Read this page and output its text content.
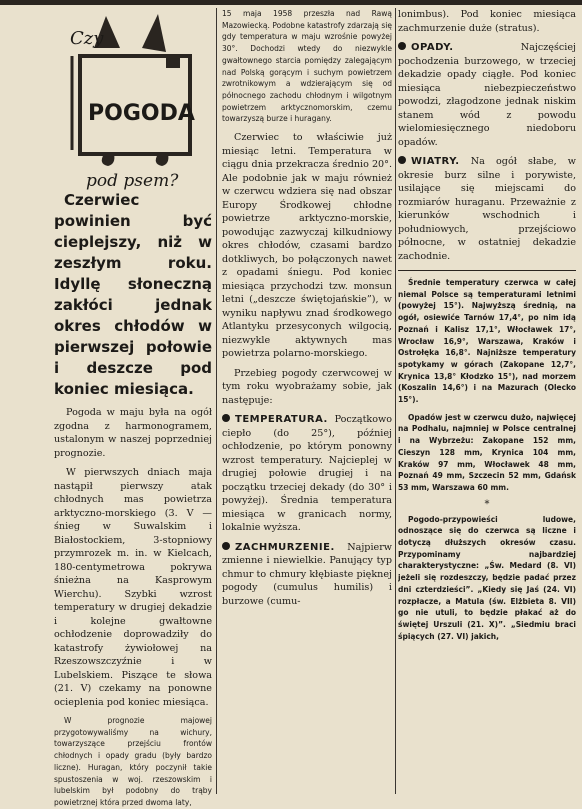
Czy
POGODA
pod psem?

Czerwiec powinien być cieplejszy, niż w zeszłym roku. Idyllę słoneczną zakłóci jednak okres chłodów w pierwszej połowie i deszcze pod koniec miesiąca.

Pogoda w maju była na ogół zgodna z harmonogramem, ustalonym w naszej poprzedniej prognozie.

W pierwszych dniach maja nastąpił pierwszy atak chłodnych mas powietrza arktyczno-morskiego (3. V — śnieg w Suwalskim i Białostockiem, 3-stopniowy przymrozek m. in. w Kielcach, 180-centymetrowa pokrywa śnieżna na Kasprowym Wierchu). Szybki wzrost temperatury w drugiej dekadzie i kolejne gwałtowne ochłodzenie doprowadziły do katastrofy żywiołowej na Rzeszowszczyźnie i w Lubelskiem. Piszące te słowa (21. V) czekamy na ponowne ocieplenia pod koniec miesiąca.

W prognozie majowej przygotowywaliśmy na wichury, towarzyszące przejściu frontów chłodnych i opady gradu (były bardzo liczne). Huragan, który poczynił takie spustoszenia w woj. rzeszowskim i lubelskim był podobny do trąby powietrznej która przed dwoma laty,

15 maja 1958 przeszła nad Rawą Mazowiecką. Podobne katastrofy zdarzają się gdy temperatura w maju wzrośnie powyżej 30°. Dochodzi wtedy do niezwykle gwałtownego starcia pomiędzy zalegającym nad Polską gorącym i suchym powietrzem zwrotnikowym a wdzierającym się od północnego zachodu chłodnym i wilgotnym powietrzem arktycznomorskim, czemu towarzyszą burze i huragany.

Czerwiec to właściwie już miesiąc letni. Temperatura w ciągu dnia przekracza średnio 20°. Ale podobnie jak w maju również w czerwcu wdziera się nad obszar Europy Środkowej chłodne powietrze arktyczno-morskie, powodując zazwyczaj kilkudniowy okres chłodów, czasami bardzo dotkliwych, bo połączonych nawet z opadami śniegu. Pod koniec miesiąca przychodzi tzw. monsun letni („deszcze świętojańskie”), w wyniku napływu znad środkowego Atlantyku przesyconych wilgocią, niezwykle aktywnych mas powietrza polarno-morskiego.

Przebieg pogody czerwcowej w tym roku wyobrażamy sobie, jak następuje:

TEMPERATURA. Początkowo ciepło (do 25°), później ochłodzenie, po którym ponowny wzrost temperatury. Najcieplej w drugiej połowie drugiej i na początku trzeciej dekady (do 30° i powyżej). Średnia temperatura miesiąca w granicach normy, lokalnie wyższa.

ZACHMURZENIE. Najpierw zmienne i niewielkie. Panujący typ chmur to chmury kłębiaste pięknej pogody (cumulus humilis) i burzowe (cumu-

lonimbus). Pod koniec miesiąca zachmurzenie duże (stratus).

OPADY.	Najczęściej pochodzenia burzowego, w trzeciej dekadzie opady ciągłe. Pod koniec miesiąca niebezpieczeństwo powodzi, złagodzone jednak niskim stanem wód z powodu wielomiesięcznego niedoboru opadów.

WIATRY. Na ogół słabe, w okresie burz silne i porywiste, usilające się miejscami do rozmiarów huraganu. Przeważnie z kierunków wschodnich i południowych, przejściowo północne, w ostatniej dekadzie zachodnie.

Średnie temperatury czerwca w całej niemal Polsce są temperaturami letnimi (powyżej 15°). Najwyższą średnią, na ogół, osiewiće Tarnów 17,4°, po nim idą Poznań i Kalisz 17,1°, Włocławek 17°, Wrocław 16,9°, Warszawa, Kraków i Ostrołęka 16,8°. Najniższe temperatury spotykamy w górach (Zakopane 12,7°, Krynica 13,8° Kłodzko 15°), nad morzem (Koszalin 14,6°) i na Mazurach (Olecko 15°).

Opadów jest w czerwcu dużo, najwięcej na Podhalu, najmniej w Polsce centralnej i na Wybrzeżu: Zakopane 152 mm, Cieszyn 128 mm, Krynica 104 mm, Kraków 97 mm, Włocławek 48 mm, Poznań 49 mm, Szczecin 52 mm, Gdańsk 53 mm, Warszawa 60 mm.

*

Pogodo-przypowieści ludowe, odnoszące się do czerwca są liczne i dotyczą dłuższych okresów czasu. Przypominamy najbardziej charakterystyczne: „Św. Medard (8. VI) jeżeli się rozdeszczy, będzie padać przez dni czterdzieści”. „Kiedy się Jaś (24. VI) rozpłacze, a Matula (św. Elżbieta 8. VII) go nie utuli, to będzie płakać aż do świętej Urszuli (21. X)”. „Siedmiu braci śpiących (27. VI) jakich,
